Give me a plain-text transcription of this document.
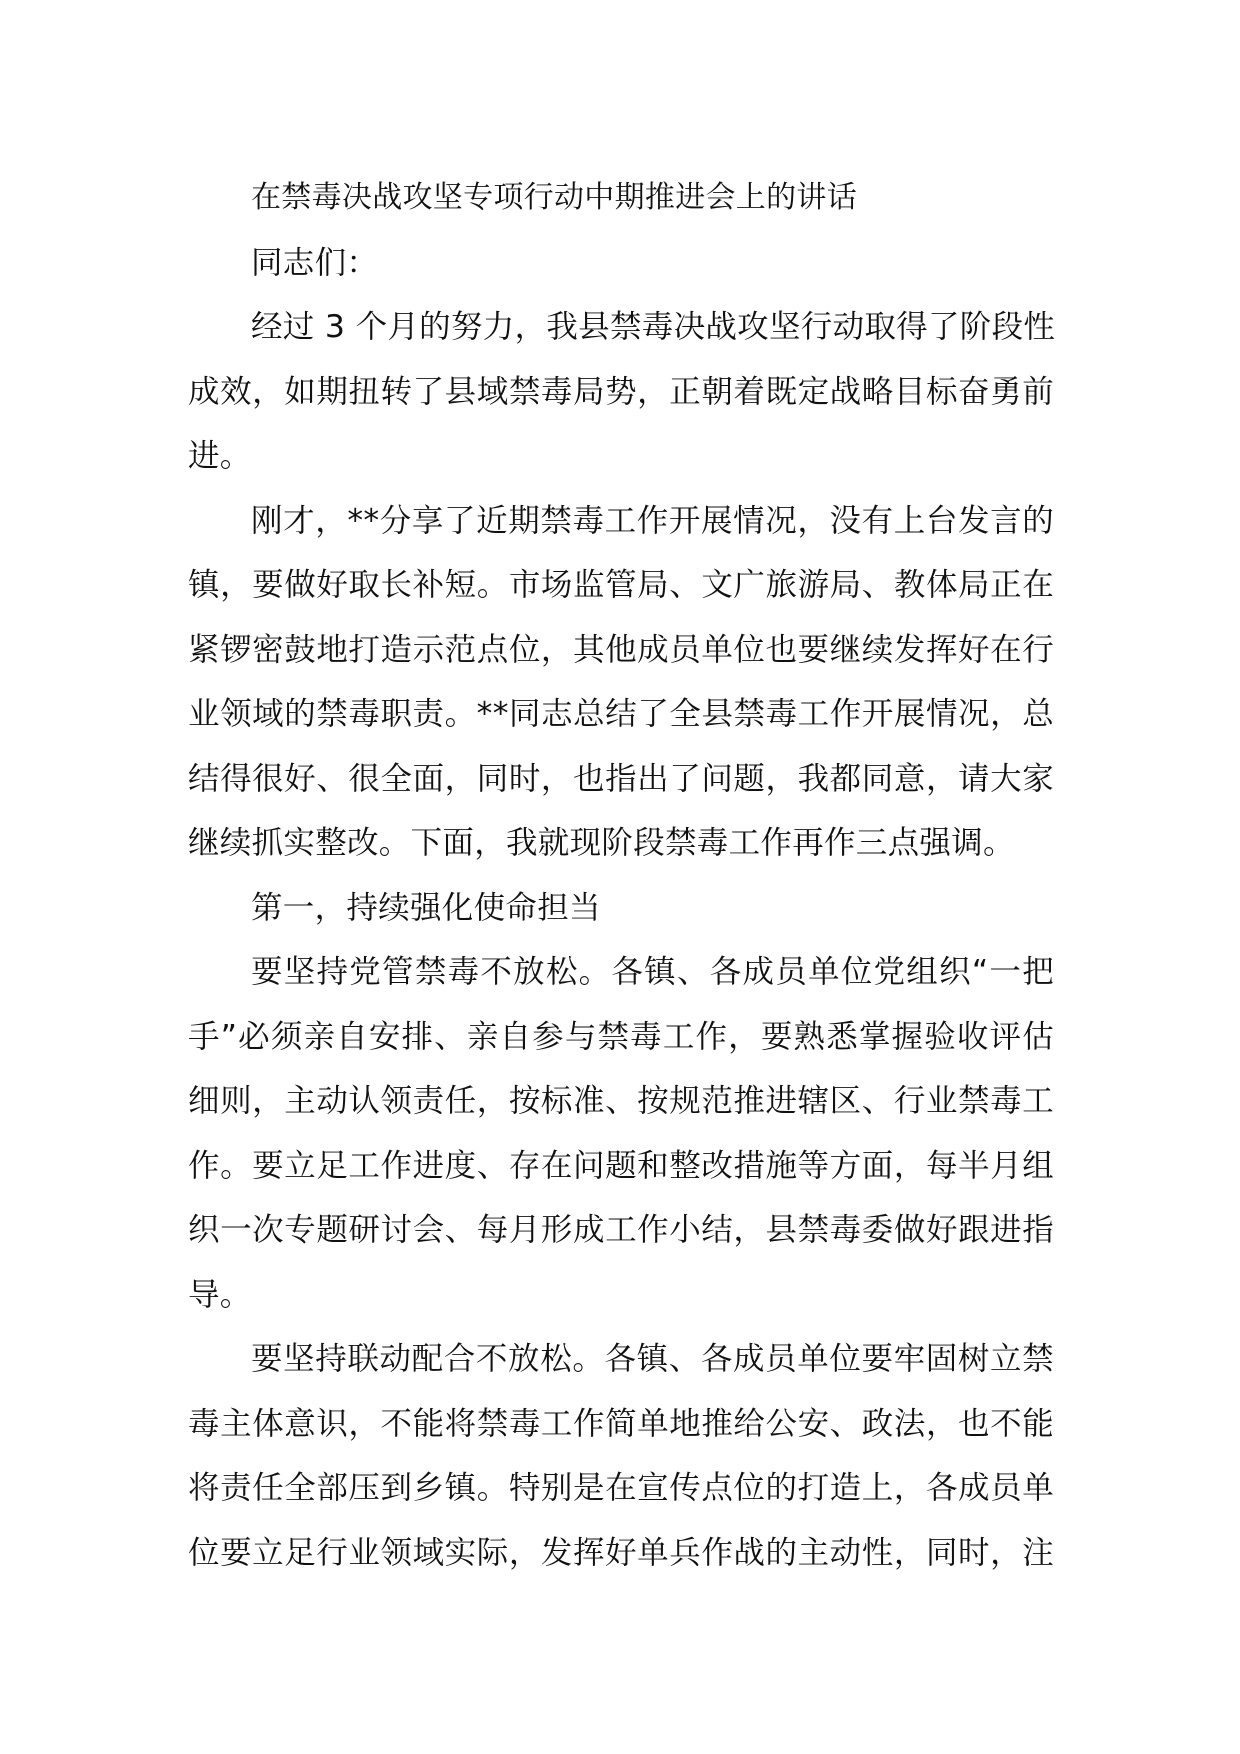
在禁毒决战攻坚专项行动中期推进会上的讲话

同志们：

经过 3 个月的努力，我县禁毒决战攻坚行动取得了阶段性

成效，如期扭转了县域禁毒局势，正朝着既定战略目标奋勇前

进。

刚才，**分享了近期禁毒工作开展情况，没有上台发言的

镇，要做好取长补短。市场监管局、文广旅游局、教体局正在

紧锣密鼓地打造示范点位，其他成员单位也要继续发挥好在行

业领域的禁毒职责。**同志总结了全县禁毒工作开展情况，总

结得很好、很全面，同时，也指出了问题，我都同意，请大家

继续抓实整改。下面，我就现阶段禁毒工作再作三点强调。

第一，持续强化使命担当

要坚持党管禁毒不放松。各镇、各成员单位党组织“一把

手”必须亲自安排、亲自参与禁毒工作，要熟悉掌握验收评估

细则，主动认领责任，按标准、按规范推进辖区、行业禁毒工

作。要立足工作进度、存在问题和整改措施等方面，每半月组

织一次专题研讨会、每月形成工作小结，县禁毒委做好跟进指

导。

要坚持联动配合不放松。各镇、各成员单位要牢固树立禁

毒主体意识，不能将禁毒工作简单地推给公安、政法，也不能

将责任全部压到乡镇。特别是在宣传点位的打造上，各成员单

位要立足行业领域实际，发挥好单兵作战的主动性，同时，注
